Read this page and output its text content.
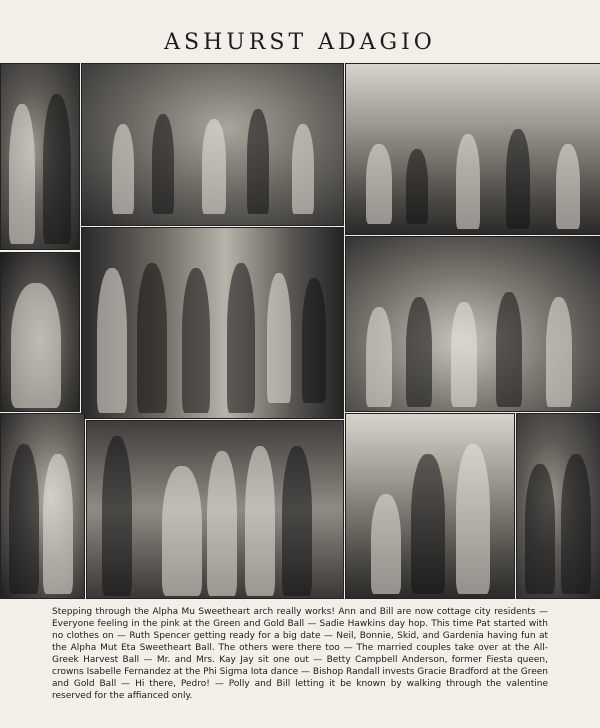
ASHURST ADAGIO
Stepping through the Alpha Mu Sweetheart arch really works! Ann and Bill are now cottage city residents — Everyone feeling in the pink at the Green and Gold Ball — Sadie Hawkins day hop. This time Pat started with no clothes on — Ruth Spencer getting ready for a big date — Neil, Bonnie, Skid, and Gardenia having fun at the Alpha Mut Eta Sweetheart Ball. The others were there too — The married couples take over at the All-Greek Harvest Ball — Mr. and Mrs. Kay Jay sit one out — Betty Campbell Anderson, former Fiesta queen, crowns Isabelle Fernandez at the Phi Sigma Iota dance — Bishop Randall invests Gracie Bradford at the Green and Gold Ball — Hi there, Pedro! — Polly and Bill letting it be known by walking through the valentine reserved for the affianced only.
